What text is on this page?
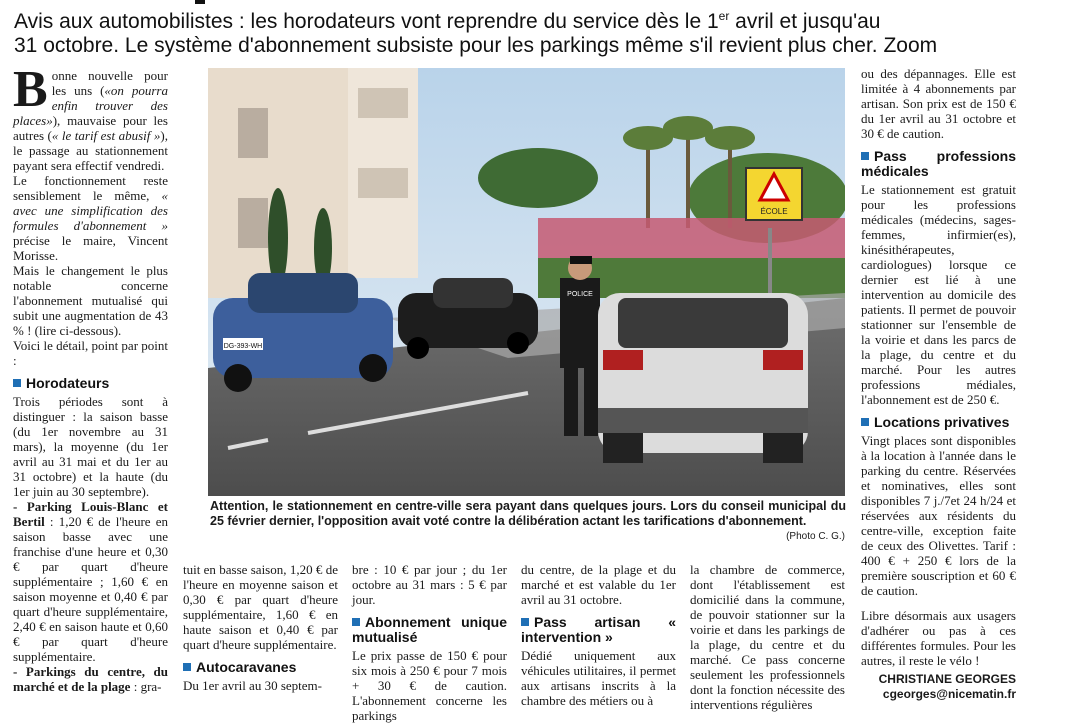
Avis aux automobilistes : les horodateurs vont reprendre du service dès le 1er avril et jusqu'au
31 octobre. Le système d'abonnement subsiste pour les parkings même s'il revient plus cher. Zoom

Bonne nouvelle pour les uns («on pourra enfin trouver des places»), mauvaise pour les autres (« le tarif est abusif »), le passage au stationnement payant sera effectif vendredi.

Le fonctionnement reste sensiblement le même, « avec une simplification des formules d'abonnement » précise le maire, Vincent Morisse.

Mais le changement le plus notable concerne l'abonnement mutualisé qui subit une augmentation de 43 % ! (lire ci-dessous).

Voici le détail, point par point :

Horodateurs

Trois périodes sont à distinguer : la saison basse (du 1er novembre au 31 mars), la moyenne (du 1er avril au 31 mai et du 1er au 31 octobre) et la haute (du 1er juin au 30 septembre).

- Parking Louis-Blanc et Bertil : 1,20 € de l'heure en saison basse avec une franchise d'une heure et 0,30 € par quart d'heure supplémentaire ; 1,60 € en saison moyenne et 0,40 € par quart d'heure supplémentaire, 2,40 € en saison haute et 0,60 € par quart d'heure supplémentaire.

- Parkings du centre, du marché et de la plage : gra-

ÉCOLE
DG-393-WH
POLICE
Attention, le stationnement en centre-ville sera payant dans quelques jours. Lors du conseil municipal du 25 février dernier, l'opposition avait voté contre la délibération actant les tarifications d'abonnement.
(Photo C. G.)

tuit en basse saison, 1,20 € de l'heure en moyenne saison et 0,30 € par quart d'heure supplémentaire, 1,60 € en haute saison et 0,40 € par quart d'heure supplémentaire.

Autocaravanes

Du 1er avril au 30 septem-

bre : 10 € par jour ; du 1er octobre au 31 mars : 5 € par jour.

Abonnement unique mutualisé

Le prix passe de 150 € pour six mois à 250 € pour 7 mois + 30 € de caution. L'abonnement concerne les parkings

du centre, de la plage et du marché et est valable du 1er avril au 31 octobre.

Pass artisan « intervention »

Dédié uniquement aux véhicules utilitaires, il permet aux artisans inscrits à la chambre des métiers ou à

la chambre de commerce, dont l'établissement est domicilié dans la commune, de pouvoir stationner sur la voirie et dans les parkings de la plage, du centre et du marché. Ce pass concerne seulement les professionnels dont la fonction nécessite des interventions régulières

ou des dépannages. Elle est limitée à 4 abonnements par artisan. Son prix est de 150 € du 1er avril au 31 octobre et 30 € de caution.

Pass professions médicales

Le stationnement est gratuit pour les professions médicales (médecins, sages-femmes, infirmier(es), kinésithérapeutes, cardiologues) lorsque ce dernier est lié à une intervention au domicile des patients. Il permet de pouvoir stationner sur l'ensemble de la voirie et dans les parcs de la plage, du centre et du marché. Pour les autres professions médiales, l'abonnement est de 250 €.

Locations privatives

Vingt places sont disponibles à la location à l'année dans le parking du centre. Réservées et nominatives, elles sont disponibles 7 j./7et 24 h/24 et réservées aux résidents du centre-ville, exception faite de ceux des Olivettes. Tarif : 400 € + 250 € lors de la première souscription et 60 € de caution.

Libre désormais aux usagers d'adhérer ou pas à ces différentes formules. Pour les autres, il reste le vélo !

CHRISTIANE GEORGES
cgeorges@nicematin.fr
